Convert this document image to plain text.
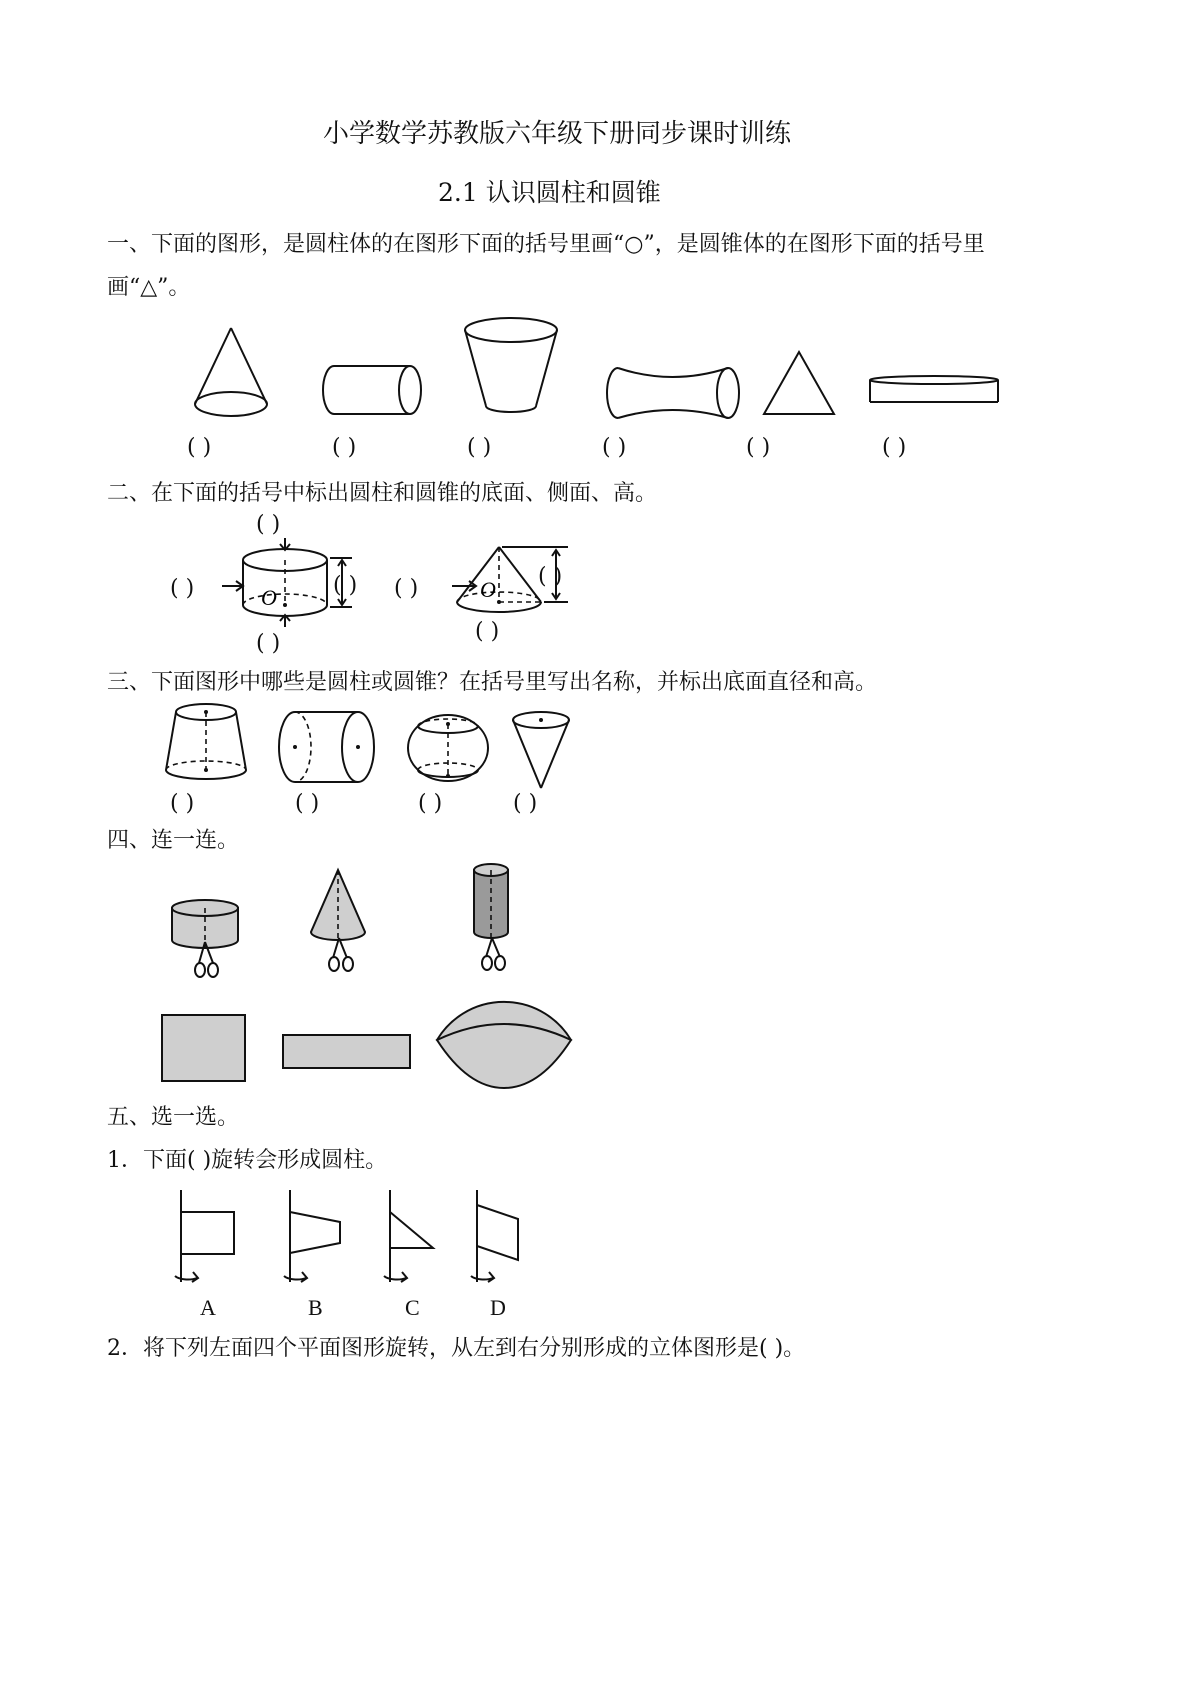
小学数学苏教版六年级下册同步课时训练
2.1 认识圆柱和圆锥
一、下面的图形，是圆柱体的在图形下面的括号里画“○”，是圆锥体的在图形下面的括号里
画“△”。
( )	( )	( )	( )	( )	( )
二、在下面的括号中标出圆柱和圆锥的底面、侧面、高。
( )
( )	( )
( )
( )	( )
( )
O	O
三、下面图形中哪些是圆柱或圆锥？在括号里写出名称，并标出底面直径和高。
( )	( )	( )	( )
四、连一连。
五、选一选。
1．下面( )旋转会形成圆柱。
A	B	C	D
2．将下列左面四个平面图形旋转，从左到右分别形成的立体图形是( )。
